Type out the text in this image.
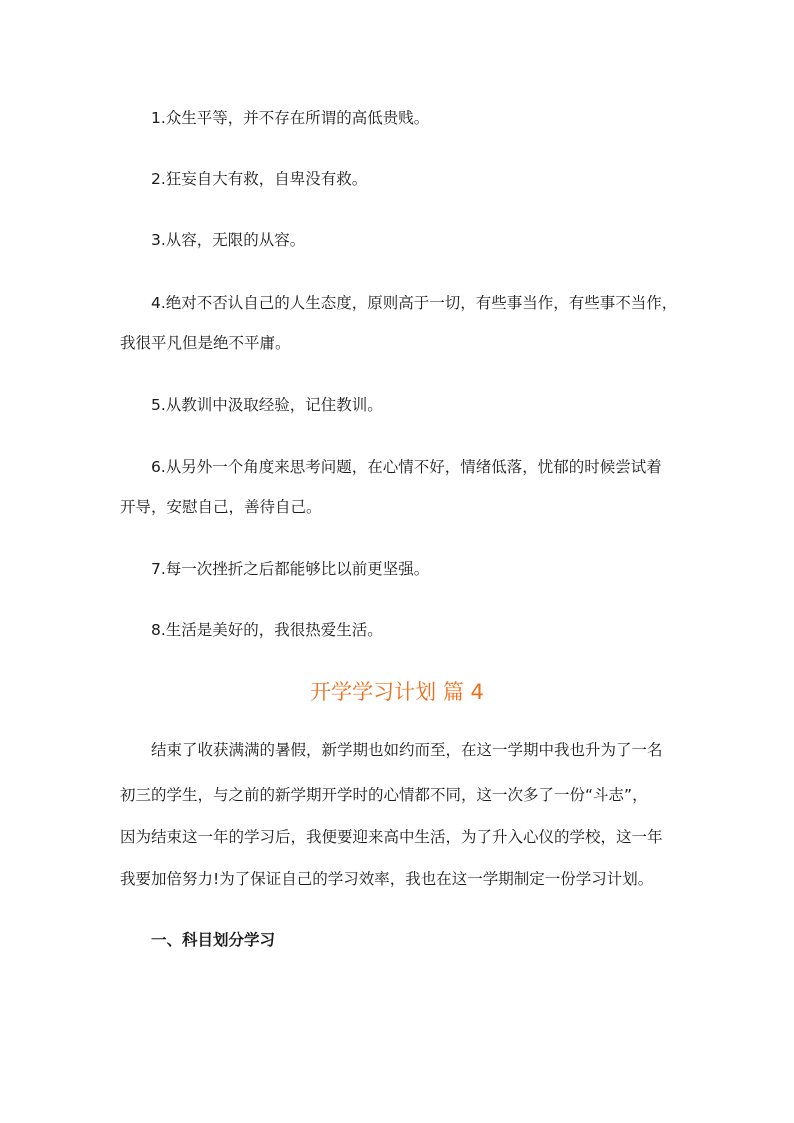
1.众生平等，并不存在所谓的高低贵贱。
2.狂妄自大有救，自卑没有救。
3.从容，无限的从容。
4.绝对不否认自己的人生态度，原则高于一切，有些事当作，有些事不当作，
我很平凡但是绝不平庸。
5.从教训中汲取经验，记住教训。
6.从另外一个角度来思考问题，在心情不好，情绪低落，忧郁的时候尝试着
开导，安慰自己，善待自己。
7.每一次挫折之后都能够比以前更坚强。
8.生活是美好的，我很热爱生活。
开学学习计划 篇 4
结束了收获满满的暑假，新学期也如约而至，在这一学期中我也升为了一名
初三的学生，与之前的新学期开学时的心情都不同，这一次多了一份“斗志”，
因为结束这一年的学习后，我便要迎来高中生活，为了升入心仪的学校，这一年
我要加倍努力!为了保证自己的学习效率，我也在这一学期制定一份学习计划。
一、科目划分学习
